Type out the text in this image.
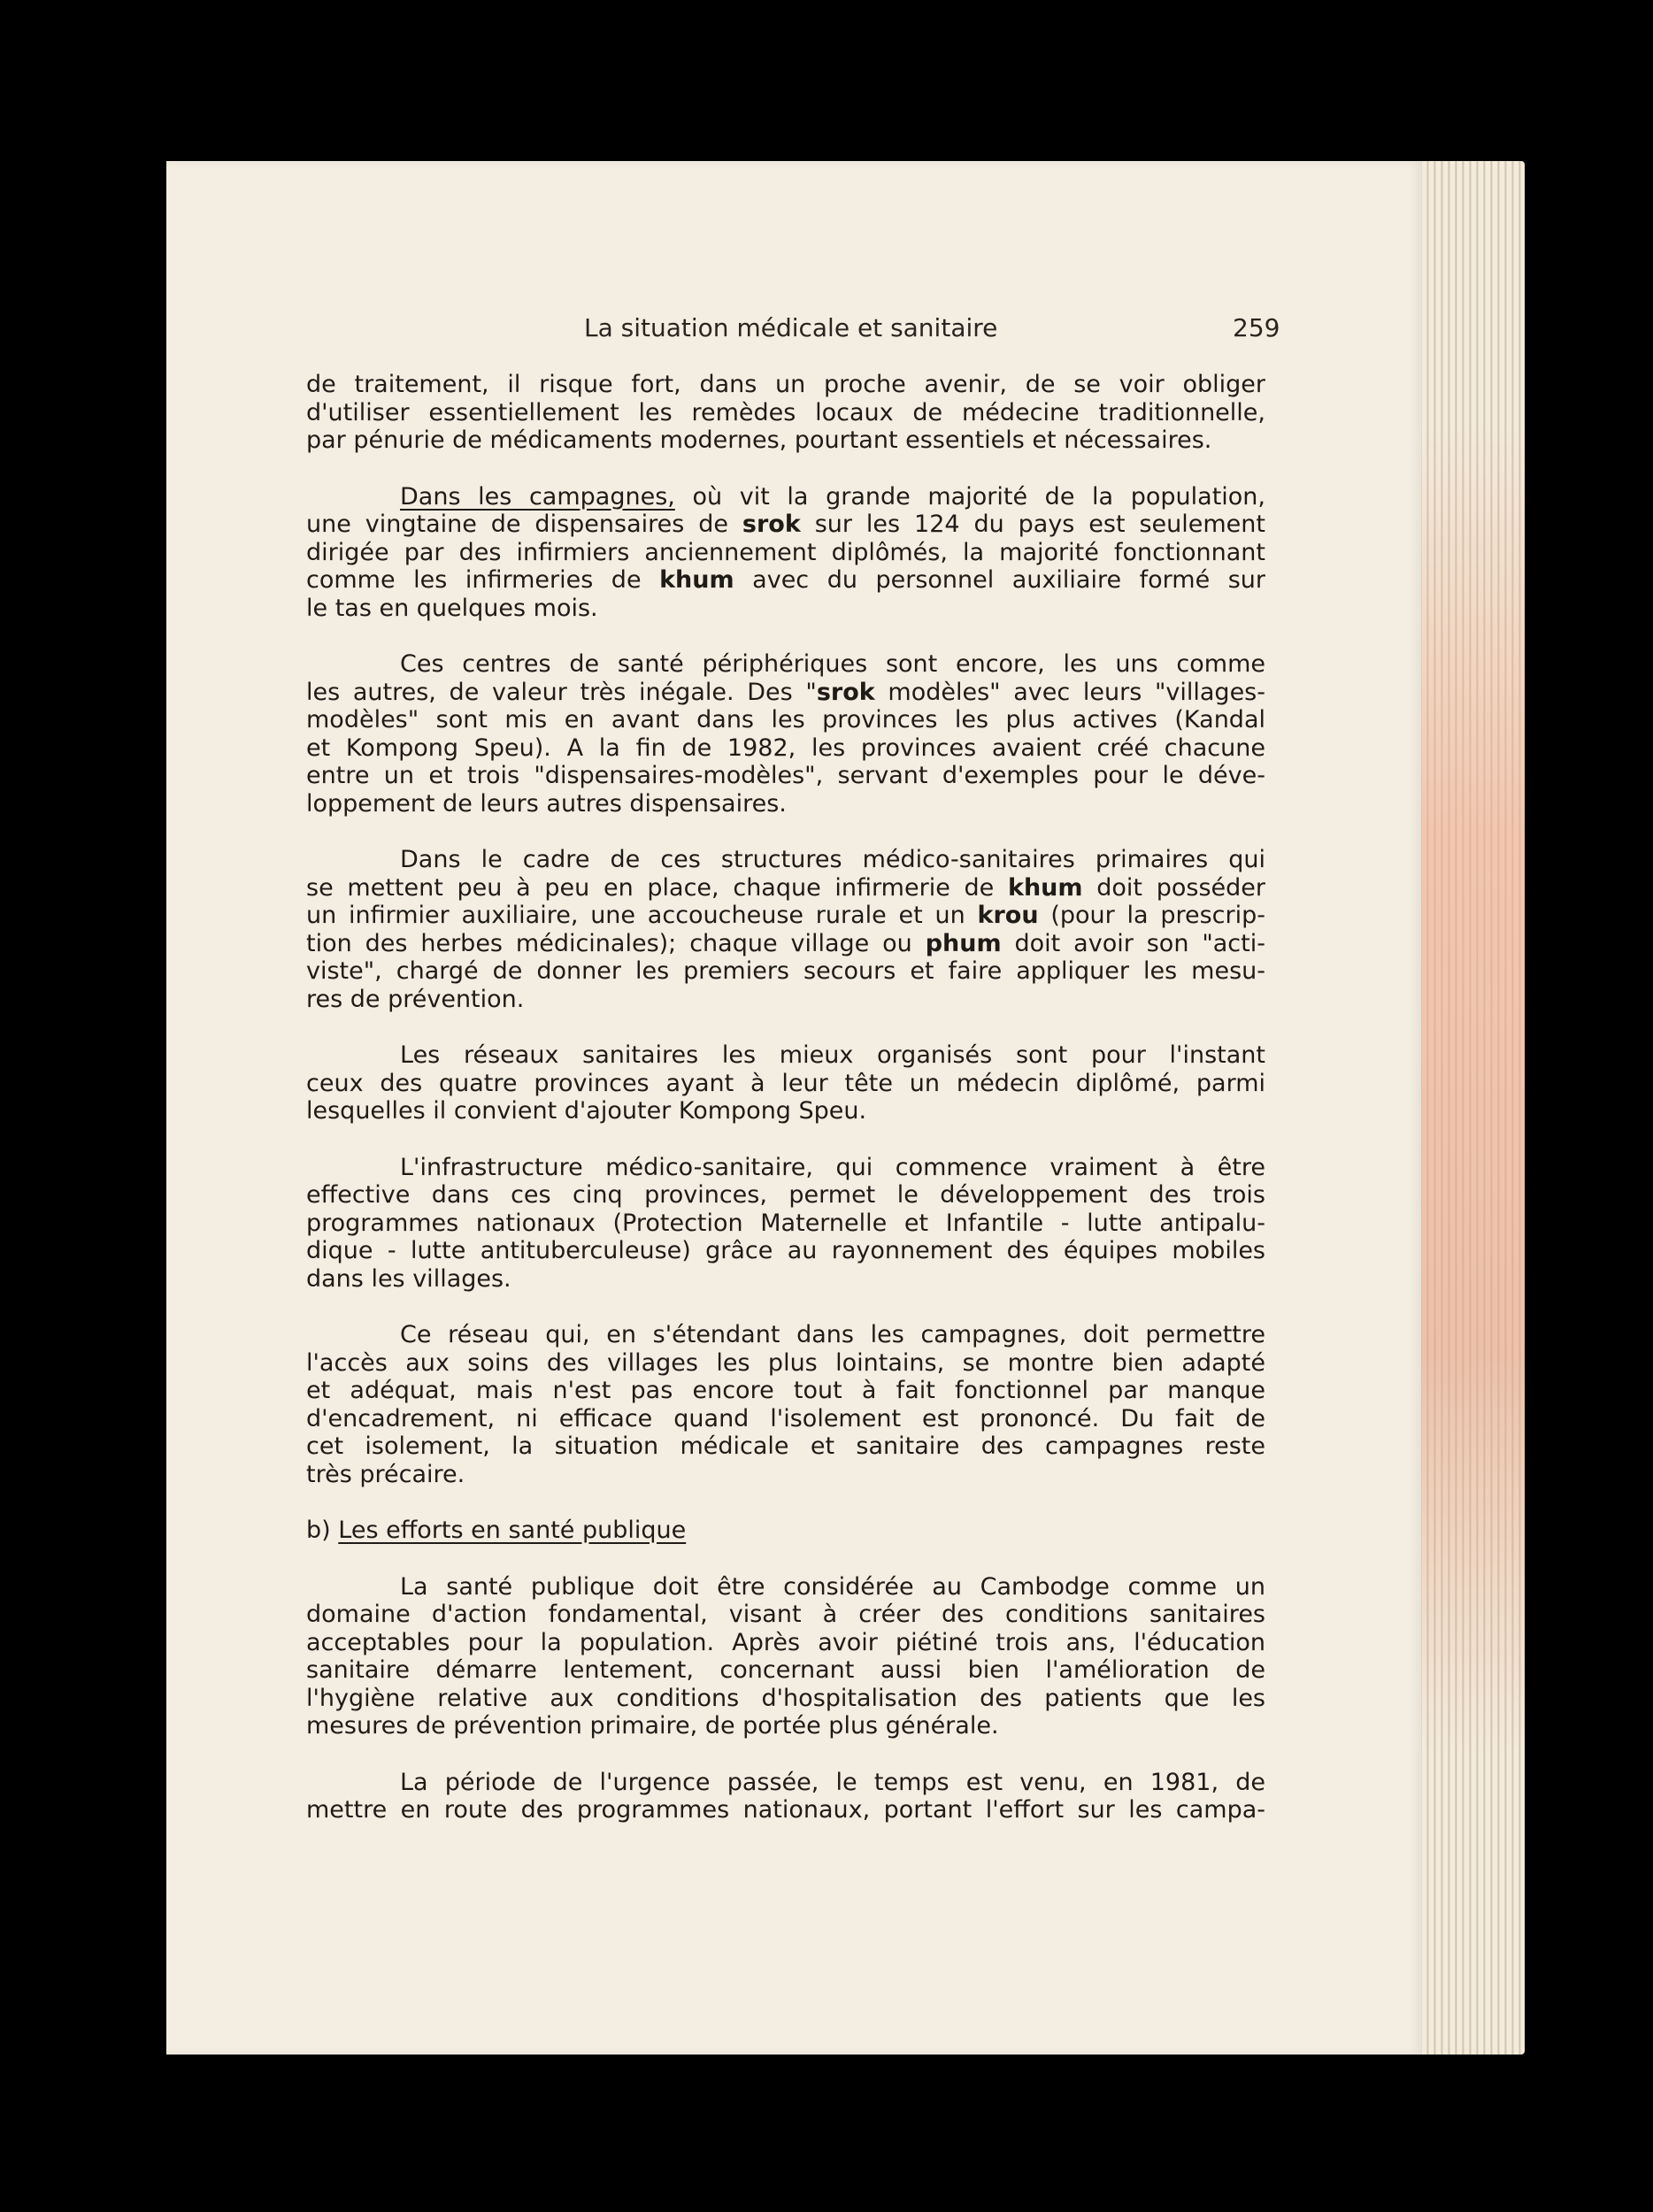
La situation médicale et sanitaire	259
de traitement, il risque fort, dans un proche avenir, de se voir obliger
d'utiliser essentiellement les remèdes locaux de médecine traditionnelle,
par pénurie de médicaments modernes, pourtant essentiels et nécessaires.
Dans les campagnes, où vit la grande majorité de la population,
une vingtaine de dispensaires de srok sur les 124 du pays est seulement
dirigée par des infirmiers anciennement diplômés, la majorité fonctionnant
comme les infirmeries de khum avec du personnel auxiliaire formé sur
le tas en quelques mois.
Ces centres de santé périphériques sont encore, les uns comme
les autres, de valeur très inégale. Des "srok modèles" avec leurs "villages-
modèles" sont mis en avant dans les provinces les plus actives (Kandal
et Kompong Speu). A la fin de 1982, les provinces avaient créé chacune
entre un et trois "dispensaires-modèles", servant d'exemples pour le déve-
loppement de leurs autres dispensaires.
Dans le cadre de ces structures médico-sanitaires primaires qui
se mettent peu à peu en place, chaque infirmerie de khum doit posséder
un infirmier auxiliaire, une accoucheuse rurale et un krou (pour la prescrip-
tion des herbes médicinales); chaque village ou phum doit avoir son "acti-
viste", chargé de donner les premiers secours et faire appliquer les mesu-
res de prévention.
Les réseaux sanitaires les mieux organisés sont pour l'instant
ceux des quatre provinces ayant à leur tête un médecin diplômé, parmi
lesquelles il convient d'ajouter Kompong Speu.
L'infrastructure médico-sanitaire, qui commence vraiment à être
effective dans ces cinq provinces, permet le développement des trois
programmes nationaux (Protection Maternelle et Infantile - lutte antipalu-
dique - lutte antituberculeuse) grâce au rayonnement des équipes mobiles
dans les villages.
Ce réseau qui, en s'étendant dans les campagnes, doit permettre
l'accès aux soins des villages les plus lointains, se montre bien adapté
et adéquat, mais n'est pas encore tout à fait fonctionnel par manque
d'encadrement, ni efficace quand l'isolement est prononcé. Du fait de
cet isolement, la situation médicale et sanitaire des campagnes reste
très précaire.
b) Les efforts en santé publique
La santé publique doit être considérée au Cambodge comme un
domaine d'action fondamental, visant à créer des conditions sanitaires
acceptables pour la population. Après avoir piétiné trois ans, l'éducation
sanitaire démarre lentement, concernant aussi bien l'amélioration de
l'hygiène relative aux conditions d'hospitalisation des patients que les
mesures de prévention primaire, de portée plus générale.
La période de l'urgence passée, le temps est venu, en 1981, de
mettre en route des programmes nationaux, portant l'effort sur les campa-
